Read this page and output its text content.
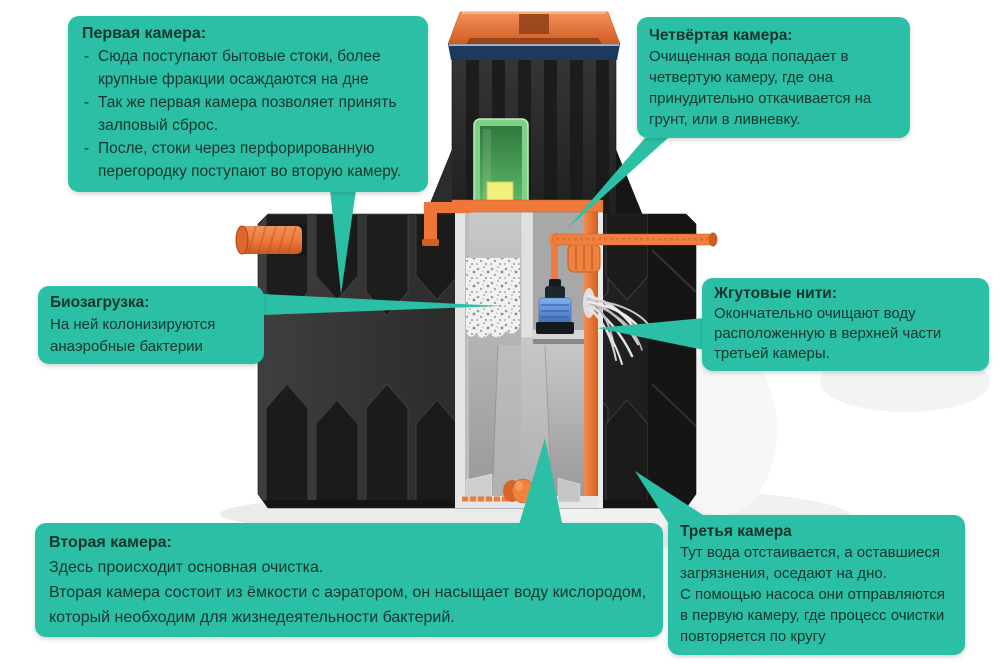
Первая камера:
- Сюда поступают бытовые стоки, более
крупные фракции осаждаются на дне
- Так же первая камера позволяет принять
залповый сброс.
- После, стоки через перфорированную
перегородку поступают во вторую камеру.
Четвёртая камера:
Очищенная вода попадает в
четвертую камеру, где она
принудительно откачивается на
грунт, или в ливневку.
Биозагрузка:
На ней колонизируются
анаэробные бактерии
Жгутовые нити:
Окончательно очищают воду
расположенную в верхней части
третьей камеры.
Вторая камера:
Здесь происходит основная очистка.
Вторая камера состоит из ёмкости с аэратором, он насыщает воду кислородом,
который необходим для жизнедеятельности бактерий.
Третья камера
Тут вода отстаивается, а оставшиеся
загрязнения, оседают на дно.
С помощью насоса они отправляются
в первую камеру, где процесс очистки
повторяется по кругу
